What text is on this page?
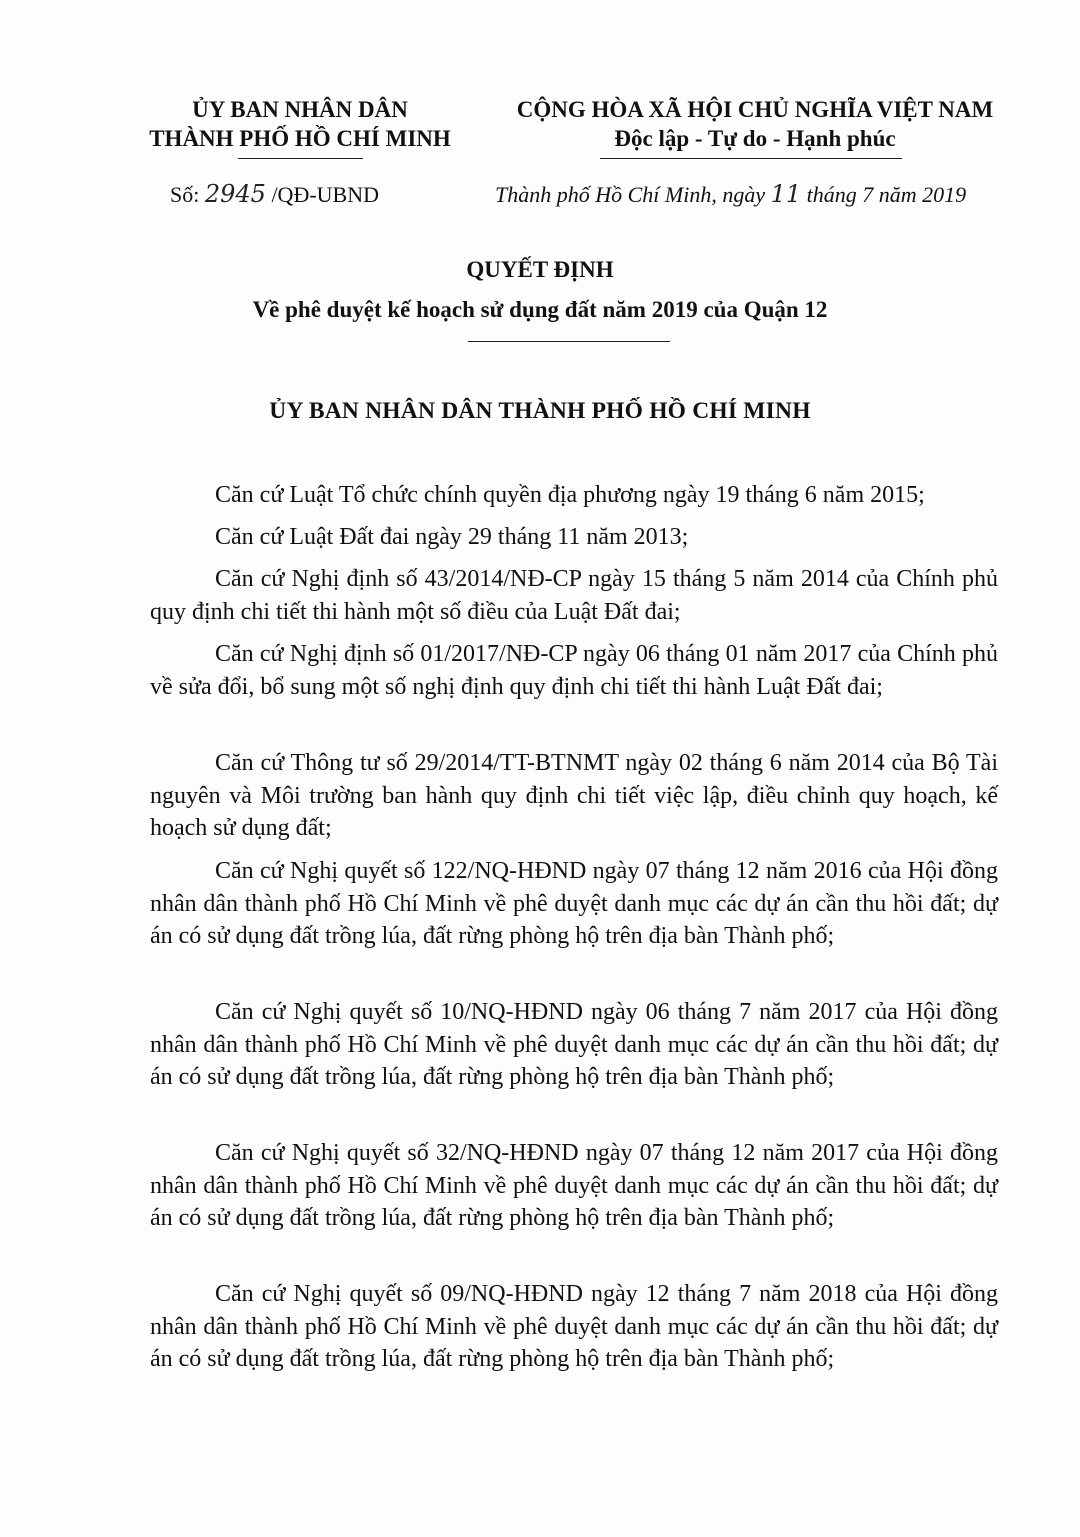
ỦY BAN NHÂN DÂN
THÀNH PHỐ HỒ CHÍ MINH
CỘNG HÒA XÃ HỘI CHỦ NGHĨA VIỆT NAM
Độc lập - Tự do - Hạnh phúc
Số: 2945 /QĐ-UBND	Thành phố Hồ Chí Minh, ngày 11 tháng 7 năm 2019
QUYẾT ĐỊNH
Về phê duyệt kế hoạch sử dụng đất năm 2019 của Quận 12
ỦY BAN NHÂN DÂN THÀNH PHỐ HỒ CHÍ MINH
Căn cứ Luật Tổ chức chính quyền địa phương ngày 19 tháng 6 năm 2015;
Căn cứ Luật Đất đai ngày 29 tháng 11 năm 2013;
Căn cứ Nghị định số 43/2014/NĐ-CP ngày 15 tháng 5 năm 2014 của Chính phủ quy định chi tiết thi hành một số điều của Luật Đất đai;
Căn cứ Nghị định số 01/2017/NĐ-CP ngày 06 tháng 01 năm 2017 của Chính phủ về sửa đổi, bổ sung một số nghị định quy định chi tiết thi hành Luật Đất đai;
Căn cứ Thông tư số 29/2014/TT-BTNMT ngày 02 tháng 6 năm 2014 của Bộ Tài nguyên và Môi trường ban hành quy định chi tiết việc lập, điều chỉnh quy hoạch, kế hoạch sử dụng đất;
Căn cứ Nghị quyết số 122/NQ-HĐND ngày 07 tháng 12 năm 2016 của Hội đồng nhân dân thành phố Hồ Chí Minh về phê duyệt danh mục các dự án cần thu hồi đất; dự án có sử dụng đất trồng lúa, đất rừng phòng hộ trên địa bàn Thành phố;
Căn cứ Nghị quyết số 10/NQ-HĐND ngày 06 tháng 7 năm 2017 của Hội đồng nhân dân thành phố Hồ Chí Minh về phê duyệt danh mục các dự án cần thu hồi đất; dự án có sử dụng đất trồng lúa, đất rừng phòng hộ trên địa bàn Thành phố;
Căn cứ Nghị quyết số 32/NQ-HĐND ngày 07 tháng 12 năm 2017 của Hội đồng nhân dân thành phố Hồ Chí Minh về phê duyệt danh mục các dự án cần thu hồi đất; dự án có sử dụng đất trồng lúa, đất rừng phòng hộ trên địa bàn Thành phố;
Căn cứ Nghị quyết số 09/NQ-HĐND ngày 12 tháng 7 năm 2018 của Hội đồng nhân dân thành phố Hồ Chí Minh về phê duyệt danh mục các dự án cần thu hồi đất; dự án có sử dụng đất trồng lúa, đất rừng phòng hộ trên địa bàn Thành phố;
